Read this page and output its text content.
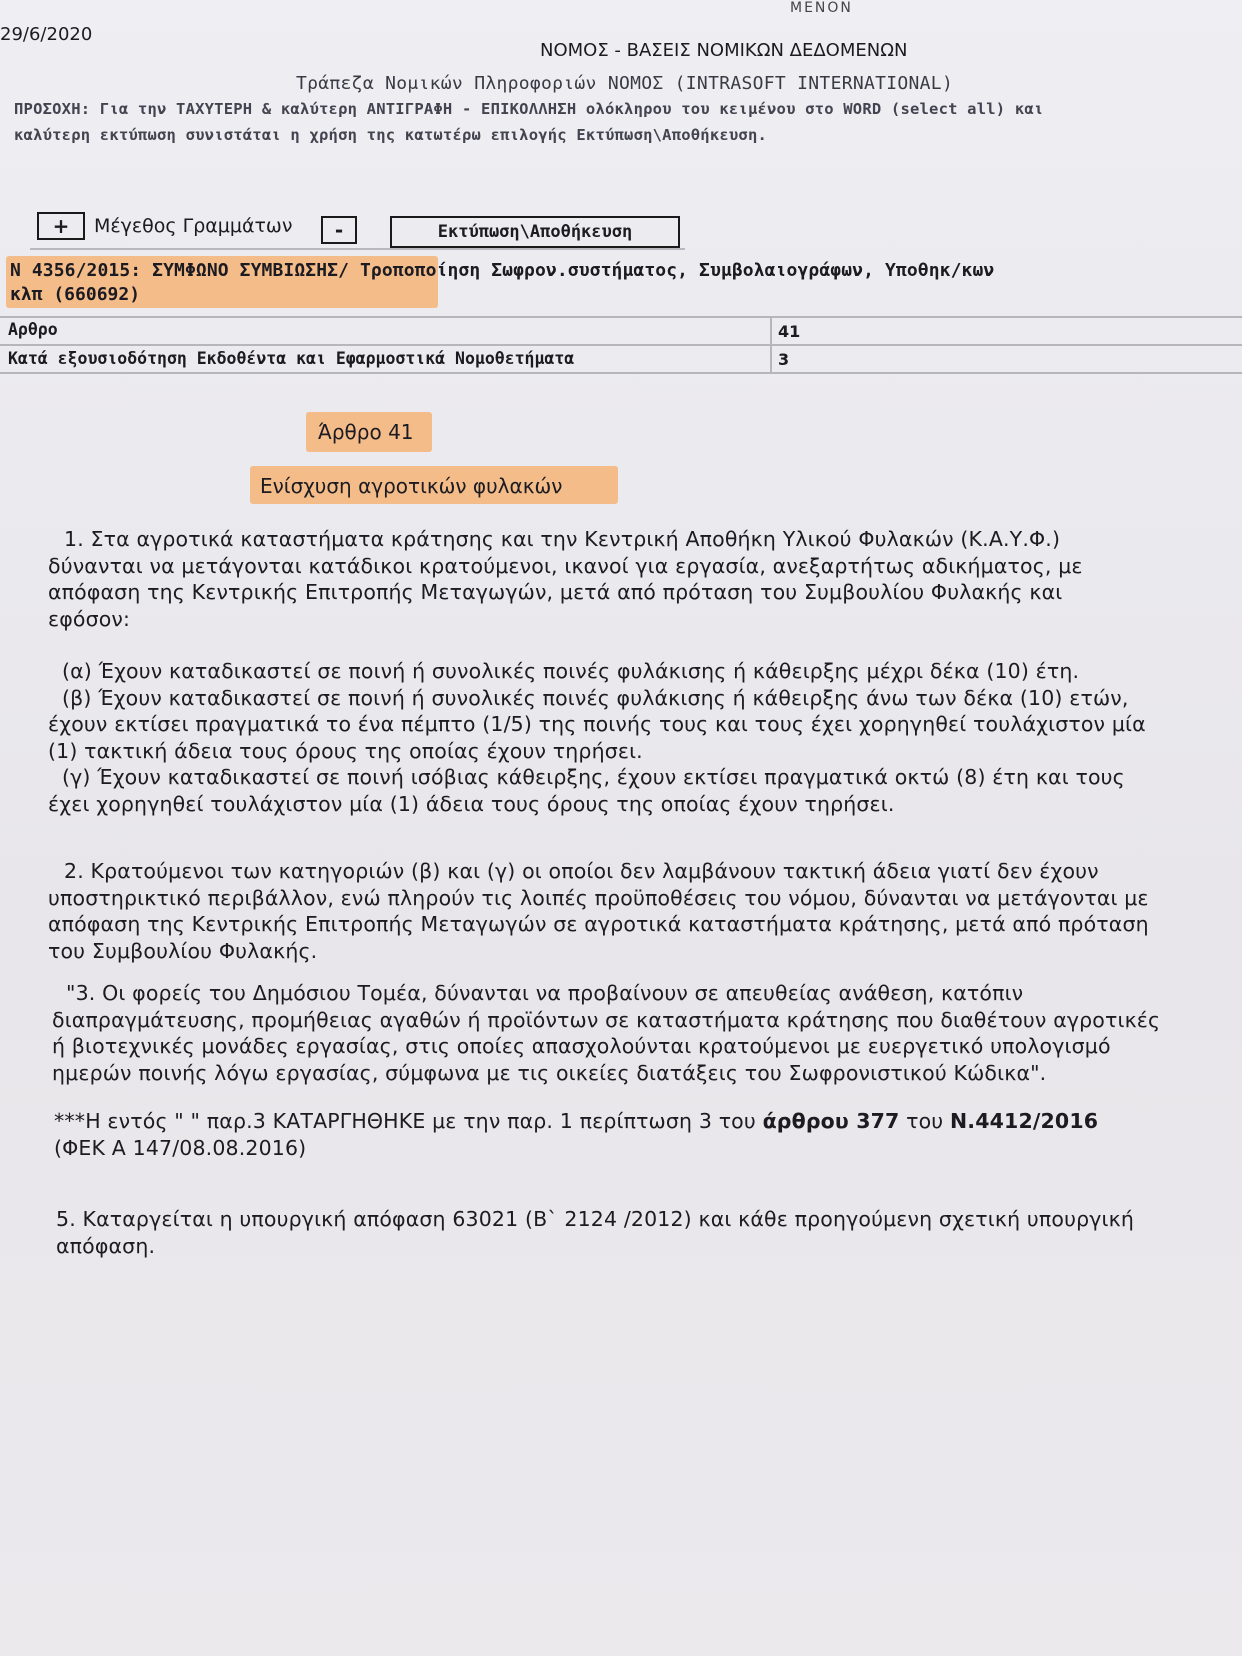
29/6/2020
ΜΕΝΟΝ
ΝΟΜΟΣ - ΒΑΣΕΙΣ ΝΟΜΙΚΩΝ ΔΕΔΟΜΕΝΩΝ
Τράπεζα Νομικών Πληροφοριών ΝΟΜΟΣ (INTRASOFT INTERNATIONAL)
ΠΡΟΣΟΧΗ: Για την ΤΑΧΥΤΕΡΗ & καλύτερη ΑΝΤΙΓΡΑΦΗ - ΕΠΙΚΟΛΛΗΣΗ ολόκληρου του κειμένου στο WORD (select all) και
καλύτερη εκτύπωση συνιστάται η χρήση της κατωτέρω επιλογής Εκτύπωση\Αποθήκευση.
+	Μέγεθος Γραμμάτων	-	Εκτύπωση\Αποθήκευση
Ν 4356/2015: ΣΥΜΦΩΝΟ ΣΥΜΒΙΩΣΗΣ/ Τροποποίηση Σωφρον.συστήματος, Συμβολαιογράφων, Υποθηκ/κων
κλπ (660692)
Αρθρο	41
Κατά εξουσιοδότηση Εκδοθέντα και Εφαρμοστικά Νομοθετήματα	3
Άρθρο 41
Ενίσχυση αγροτικών φυλακών
1. Στα αγροτικά καταστήματα κράτησης και την Κεντρική Αποθήκη Υλικού Φυλακών (Κ.Α.Υ.Φ.)
δύνανται να μετάγονται κατάδικοι κρατούμενοι, ικανοί για εργασία, ανεξαρτήτως αδικήματος, με
απόφαση της Κεντρικής Επιτροπής Μεταγωγών, μετά από πρόταση του Συμβουλίου Φυλακής και
εφόσον:
(α) Έχουν καταδικαστεί σε ποινή ή συνολικές ποινές φυλάκισης ή κάθειρξης μέχρι δέκα (10) έτη.
(β) Έχουν καταδικαστεί σε ποινή ή συνολικές ποινές φυλάκισης ή κάθειρξης άνω των δέκα (10) ετών,
έχουν εκτίσει πραγματικά το ένα πέμπτο (1/5) της ποινής τους και τους έχει χορηγηθεί τουλάχιστον μία
(1) τακτική άδεια τους όρους της οποίας έχουν τηρήσει.
(γ) Έχουν καταδικαστεί σε ποινή ισόβιας κάθειρξης, έχουν εκτίσει πραγματικά οκτώ (8) έτη και τους
έχει χορηγηθεί τουλάχιστον μία (1) άδεια τους όρους της οποίας έχουν τηρήσει.
2. Κρατούμενοι των κατηγοριών (β) και (γ) οι οποίοι δεν λαμβάνουν τακτική άδεια γιατί δεν έχουν
υποστηρικτικό περιβάλλον, ενώ πληρούν τις λοιπές προϋποθέσεις του νόμου, δύνανται να μετάγονται με
απόφαση της Κεντρικής Επιτροπής Μεταγωγών σε αγροτικά καταστήματα κράτησης, μετά από πρόταση
του Συμβουλίου Φυλακής.
"3. Οι φορείς του Δημόσιου Τομέα, δύνανται να προβαίνουν σε απευθείας ανάθεση, κατόπιν
διαπραγμάτευσης, προμήθειας αγαθών ή προϊόντων σε καταστήματα κράτησης που διαθέτουν αγροτικές
ή βιοτεχνικές μονάδες εργασίας, στις οποίες απασχολούνται κρατούμενοι με ευεργετικό υπολογισμό
ημερών ποινής λόγω εργασίας, σύμφωνα με τις οικείες διατάξεις του Σωφρονιστικού Κώδικα".
***Η εντός " " παρ.3 ΚΑΤΑΡΓΗΘΗΚΕ με την παρ. 1 περίπτωση 3 του άρθρου 377 του Ν.4412/2016
(ΦΕΚ Α 147/08.08.2016)
5. Καταργείται η υπουργική απόφαση 63021 (Β` 2124 /2012) και κάθε προηγούμενη σχετική υπουργική
απόφαση.
